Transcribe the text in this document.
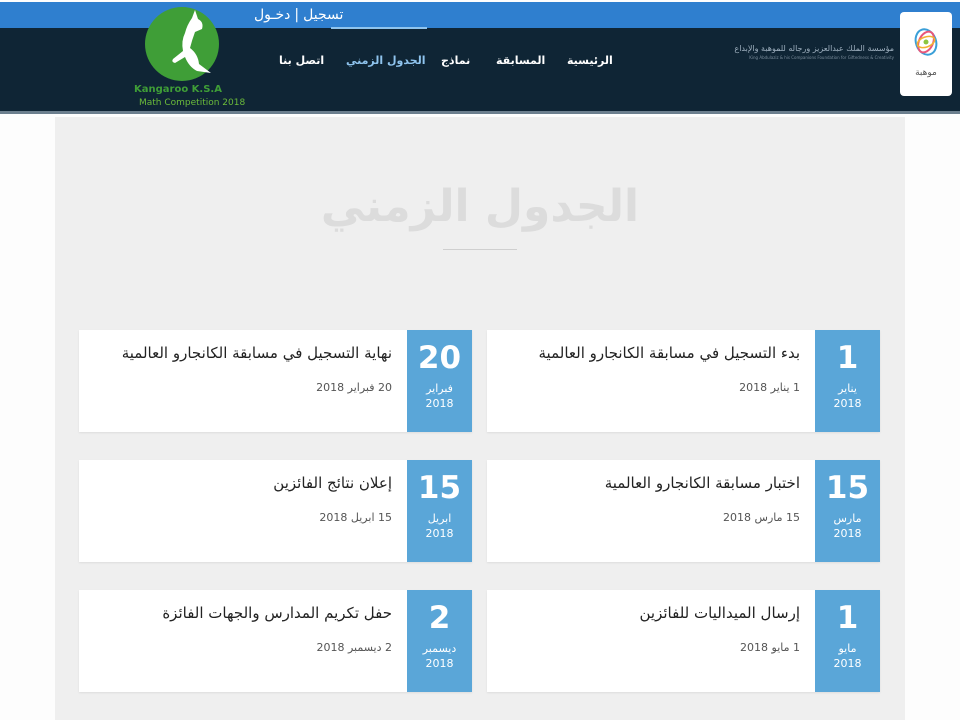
تسجيل|دخـول
الرئيسية
المسابقة
نماذج
الجدول الزمني
اتصل بنا
مؤسسة الملك عبدالعزيز ورجاله للموهبة والإبداع
King Abdulaziz & his Companions Foundation for Giftedness & Creativity
موهبة
Kangaroo K.S.A
Math Competition 2018
الجدول الزمني
1
يناير
2018
بدء التسجيل في مسابقة الكانجارو العالمية
1 يناير 2018
15
مارس
2018
اختبار مسابقة الكانجارو العالمية
15 مارس 2018
1
مايو
2018
إرسال الميداليات للفائزين
1 مايو 2018
20
فبراير
2018
نهاية التسجيل في مسابقة الكانجارو العالمية
20 فبراير 2018
15
ابريل
2018
إعلان نتائج الفائزين
15 ابريل 2018
2
ديسمبر
2018
حفل تكريم المدارس والجهات الفائزة
2 ديسمبر 2018
